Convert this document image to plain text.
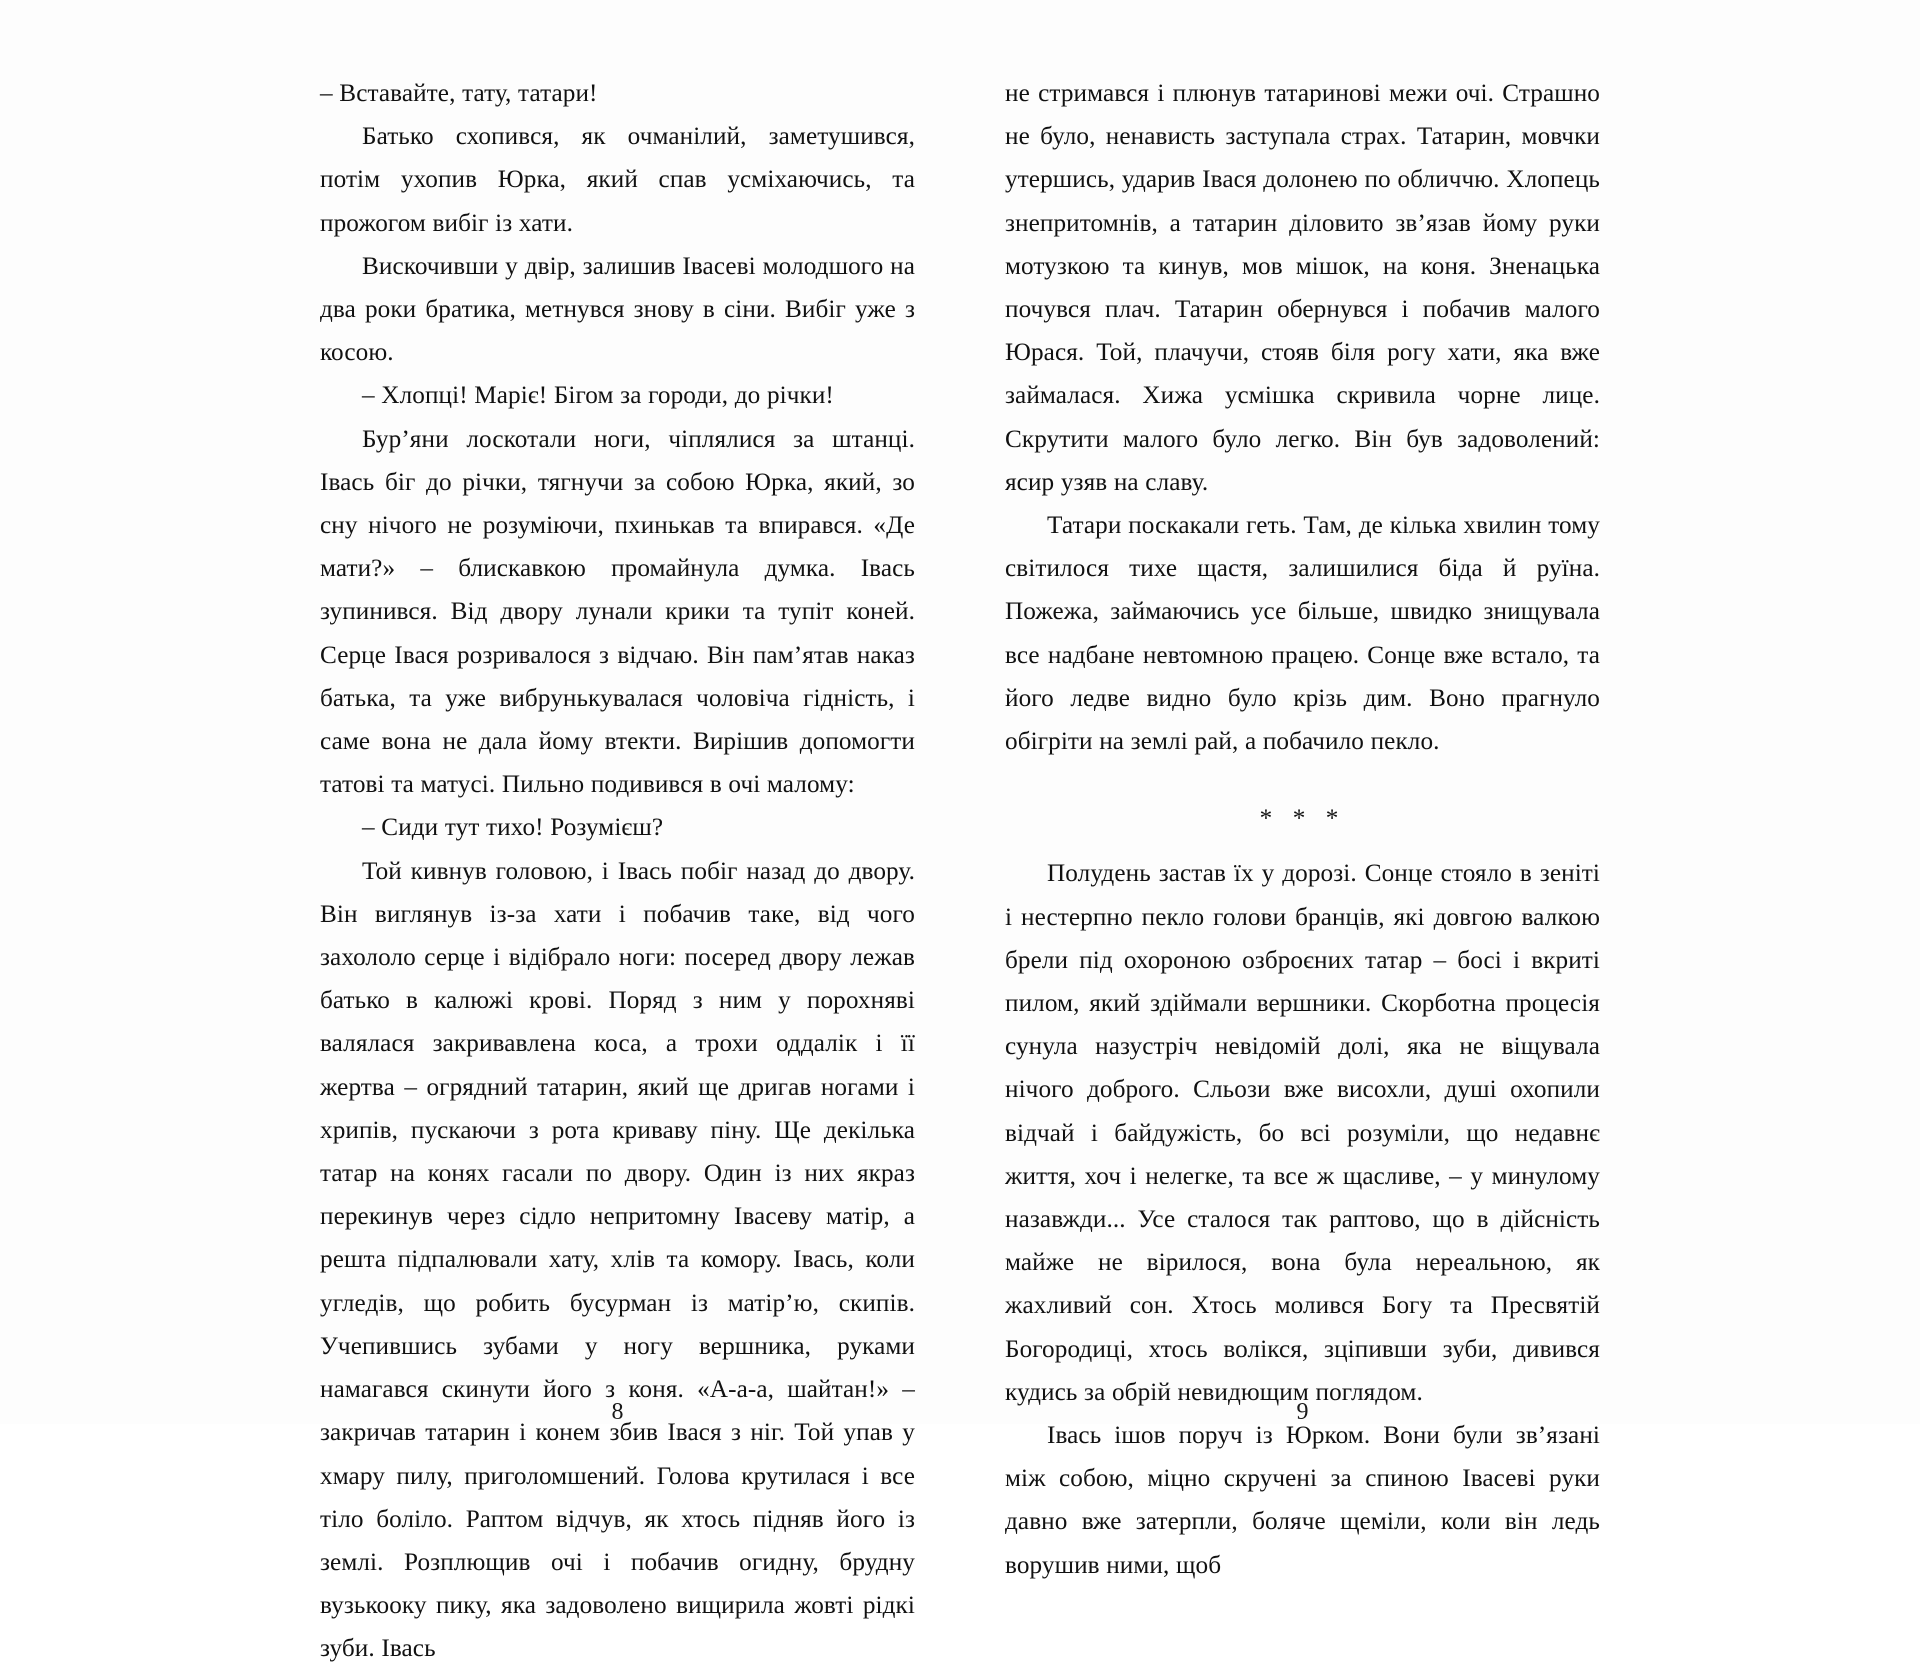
– Вставайте, тату, татари!

Батько схопився, як очманілий, заметушився, потім ухопив Юрка, який спав усміхаючись, та прожогом вибіг із хати.

Вискочивши у двір, залишив Івасеві молодшого на два роки братика, метнувся знову в сіни. Вибіг уже з косою.

– Хлопці! Маріє! Бігом за городи, до річки!

Бур’яни лоскотали ноги, чіплялися за штанці. Івась біг до річки, тягнучи за собою Юрка, який, зо сну нічого не розуміючи, пхинькав та впирався. «Де мати?» – блискавкою промайнула думка. Івась зупинився. Від двору лунали крики та тупіт коней. Серце Івася розривалося з відчаю. Він пам’ятав наказ батька, та уже вибрунькувалася чоловіча гідність, і саме вона не дала йому втекти. Вирішив допомогти татові та матусі. Пильно подивився в очі малому:

– Сиди тут тихо! Розумієш?

Той кивнув головою, і Івась побіг назад до двору. Він виглянув із-за хати і побачив таке, від чого захололо серце і відібрало ноги: посеред двору лежав батько в калюжі крові. Поряд з ним у порохняві валялася закривавлена коса, а трохи оддалік і її жертва – огрядний татарин, який ще дригав ногами і хрипів, пускаючи з рота криваву піну. Ще декілька татар на конях гасали по двору. Один із них якраз перекинув через сідло непритомну Івасеву матір, а решта підпалювали хату, хлів та комору. Івась, коли угледів, що робить бусурман із матір’ю, скипів. Учепившись зубами у ногу вершника, руками намагався скинути його з коня. «А-а-а, шайтан!» – закричав татарин і конем збив Івася з ніг. Той упав у хмару пилу, приголомшений. Голова крутилася і все тіло боліло. Раптом відчув, як хтось підняв його із землі. Розплющив очі і побачив огидну, брудну вузькооку пику, яка задоволено вищирила жовті рідкі зуби. Івась

8

не стримався і плюнув татаринові межи очі. Страшно не було, ненависть заступала страх. Татарин, мовчки утершись, ударив Івася долонею по обличчю. Хлопець знепритомнів, а татарин діловито зв’язав йому руки мотузкою та кинув, мов мішок, на коня. Зненацька почувся плач. Татарин обернувся і побачив малого Юрася. Той, плачучи, стояв біля рогу хати, яка вже займалася. Хижа усмішка скривила чорне лице. Скрутити малого було легко. Він був задоволений: ясир узяв на славу.

Татари поскакали геть. Там, де кілька хвилин тому світилося тихе щастя, залишилися біда й руїна. Пожежа, займаючись усе більше, швидко знищувала все надбане невтомною працею. Сонце вже встало, та його ледве видно було крізь дим. Воно прагнуло обігріти на землі рай, а побачило пекло.

* * *

Полудень застав їх у дорозі. Сонце стояло в зеніті і нестерпно пекло голови бранців, які довгою валкою брели під охороною озброєних татар – босі і вкриті пилом, який здіймали вершники. Скорботна процесія сунула назустріч невідомій долі, яка не віщувала нічого доброго. Сльози вже висохли, душі охопили відчай і байдужість, бо всі розуміли, що недавнє життя, хоч і нелегке, та все ж щасливе, – у минулому назавжди... Усе сталося так раптово, що в дійсність майже не вірилося, вона була нереальною, як жахливий сон. Хтось молився Богу та Пресвятій Богородиці, хтось волікся, зціпивши зуби, дивився кудись за обрій невидющим поглядом.

Івась ішов поруч із Юрком. Вони були зв’язані між собою, міцно скручені за спиною Івасеві руки давно вже затерпли, боляче щеміли, коли він ледь ворушив ними, щоб

9
